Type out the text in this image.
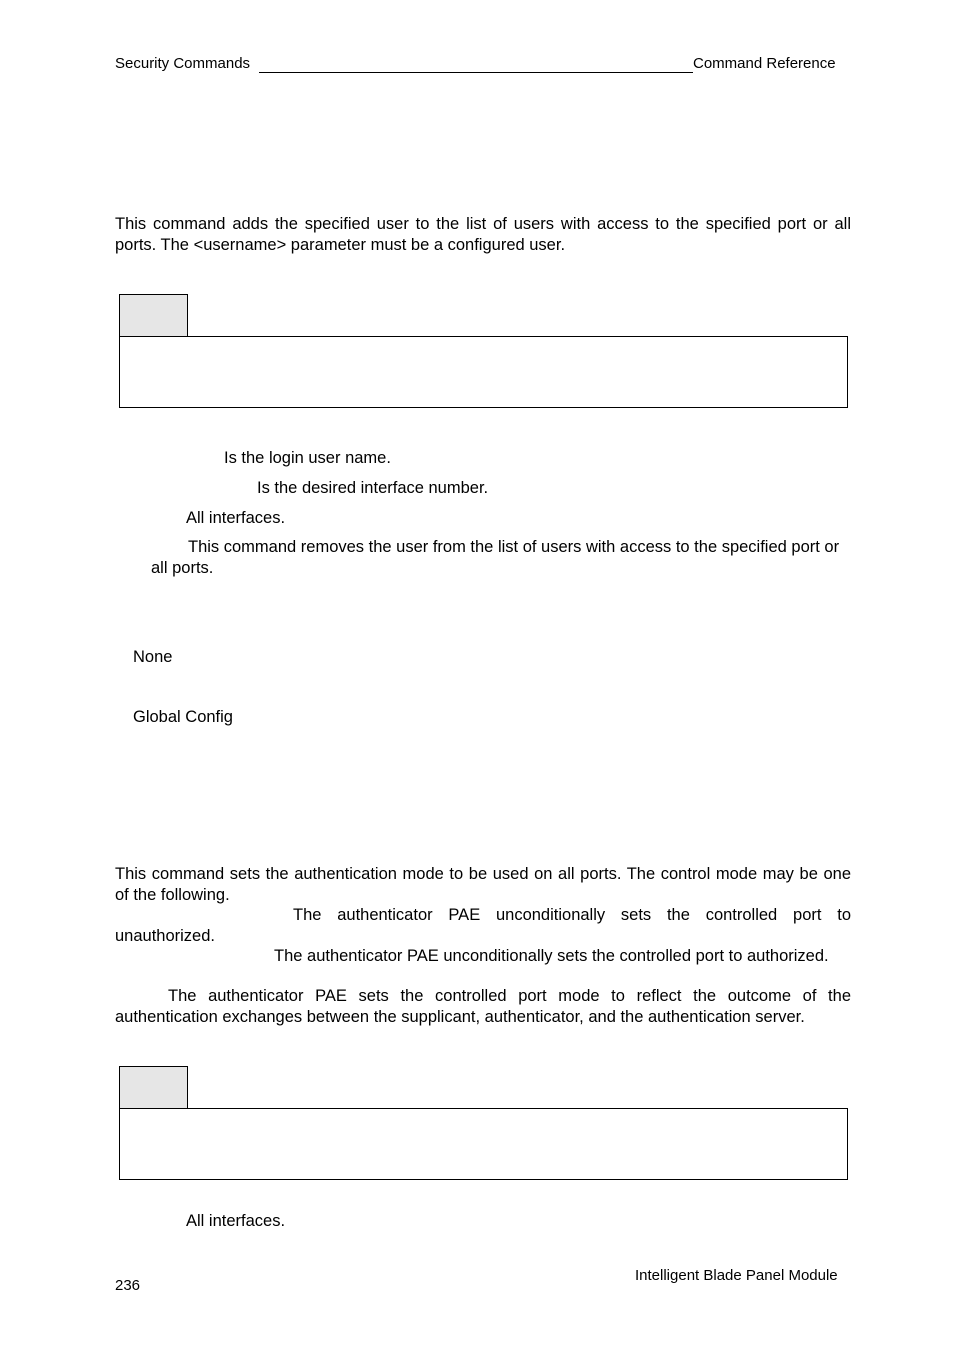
Security Commands	Command Reference
This command adds the specified user to the list of users with access to the specified port or all ports. The <username> parameter must be a configured user.
Is the login user name.
Is the desired interface number.
All interfaces.
This command removes the user from the list of users with access to the specified port or all ports.
None
Global Config
This command sets the authentication mode to be used on all ports. The control mode may be one of the following.
The authenticator PAE unconditionally sets the controlled port to unauthorized.
The authenticator PAE unconditionally sets the controlled port to authorized.
The authenticator PAE sets the controlled port mode to reflect the outcome of the authentication exchanges between the supplicant, authenticator, and the authentication server.
All interfaces.
Intelligent Blade Panel Module
236
